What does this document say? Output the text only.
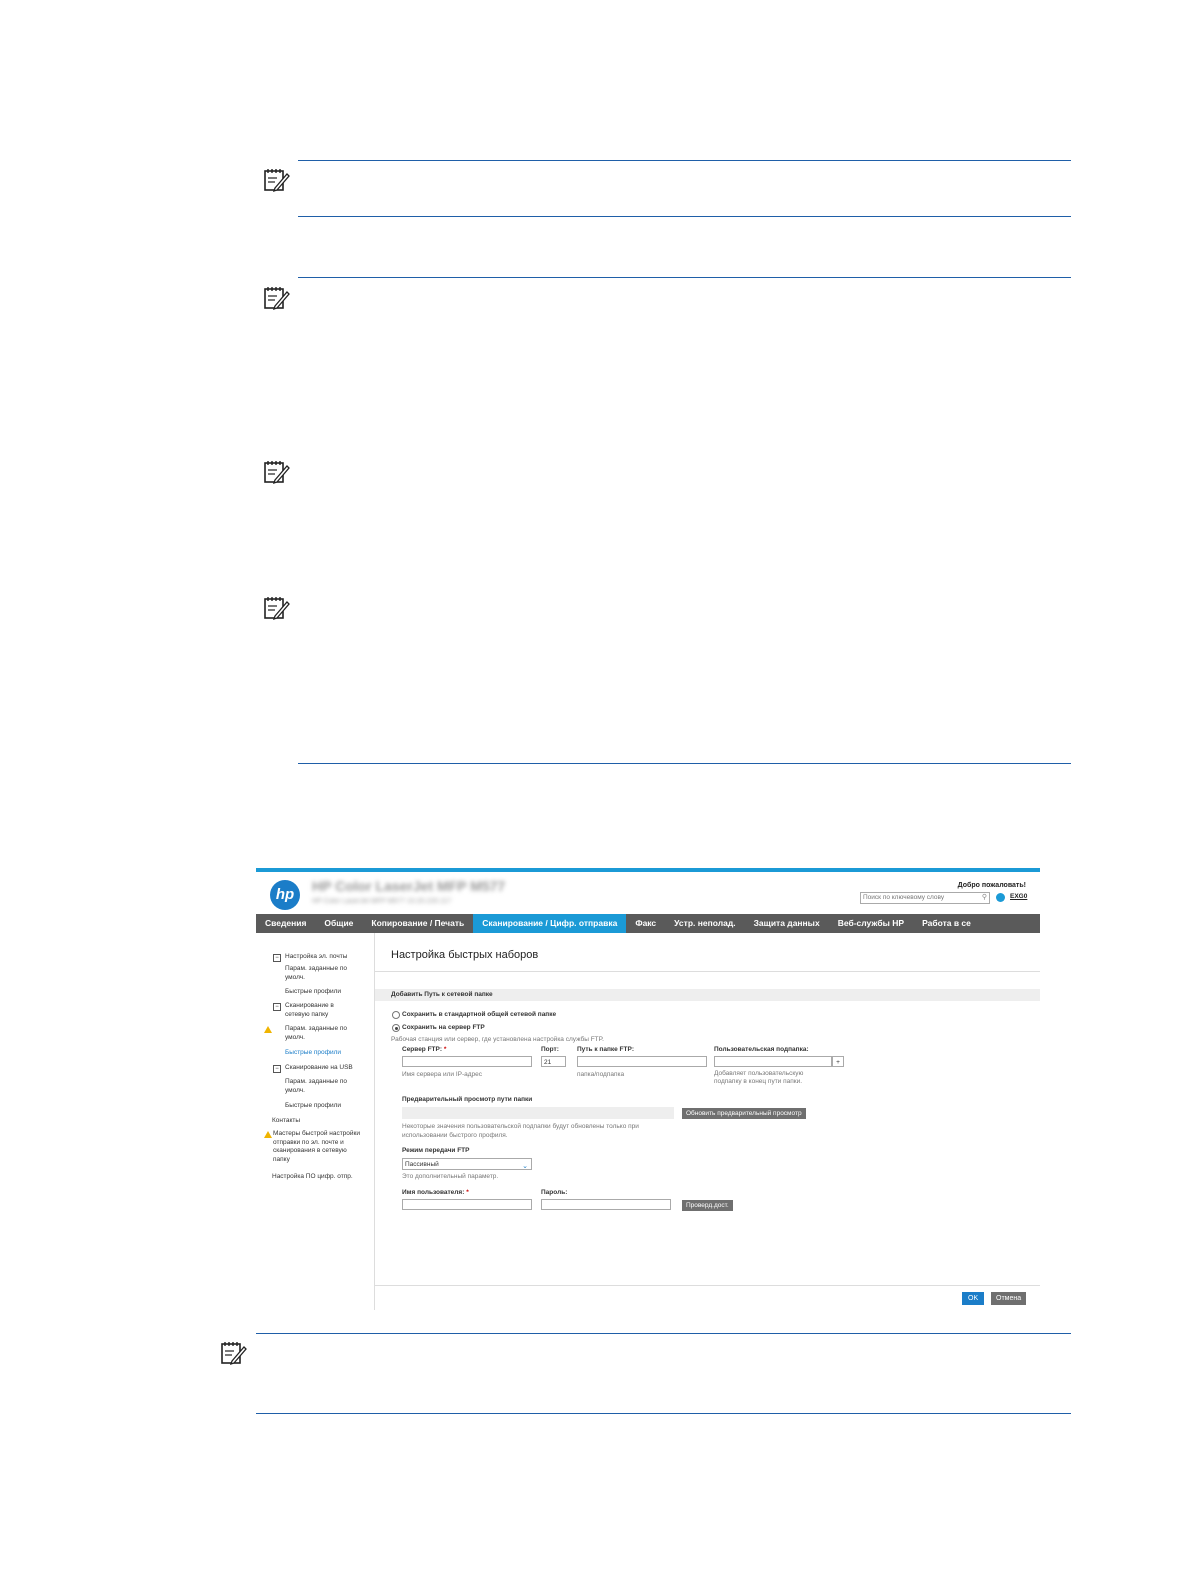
hp	HP Color LaserJet MFP M577
HP Color LaserJet MFP M577 10.20.220.117
Добро пожаловать!
Поиск по ключевому слову	⚲	EXG0
Сведения	Общие	Копирование / Печать	Сканирование / Цифр. отправка	Факс	Устр. неполад.	Защита данных	Веб-службы HP	Работа в се
− Настройка эл. почты
Парам. заданные по умолч.
Быстрые профили
− Сканирование в сетевую папку
Парам. заданные по умолч.
Быстрые профили
− Сканирование на USB
Парам. заданные по умолч.
Быстрые профили
Контакты
Мастеры быстрой настройки отправки по эл. почте и сканирования в сетевую папку
Настройка ПО цифр. отпр.
Настройка быстрых наборов
Добавить Путь к сетевой папке
Сохранить в стандартной общей сетевой папке
Сохранить на сервер FTP
Рабочая станция или сервер, где установлена настройка службы FTP.
Сервер FTP: *
Имя сервера или IP-адрес
Порт:
21
Путь к папке FTP:
папка/подпапка
Пользовательская подпапка:
+
Добавляет пользовательскую подпапку в конец пути папки.
Предварительный просмотр пути папки
Обновить предварительный просмотр
Некоторые значения пользовательской подпапки будут обновлены только при использовании быстрого профиля.
Режим передачи FTP
Пассивный	⌄
Это дополнительный параметр.
Имя пользователя: *	Пароль:
Проверд.дост.
OK	Отмена
